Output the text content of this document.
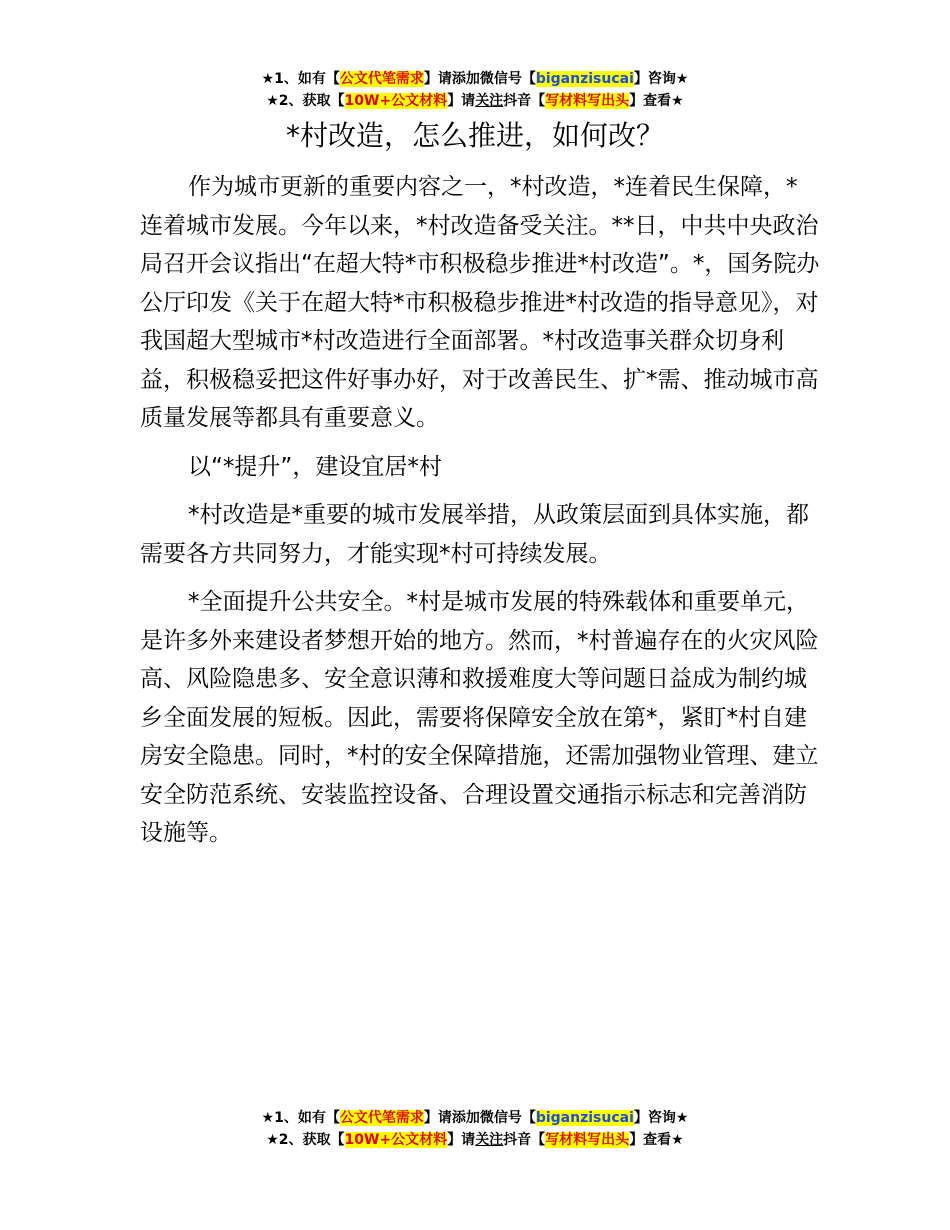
★1、如有【公文代笔需求】请添加微信号【biganzisucai】咨询★
★2、获取【10W+公文材料】请关注抖音【写材料写出头】查看★
*村改造，怎么推进，如何改？

作为城市更新的重要内容之一，*村改造，*连着民生保障，*连着城市发展。今年以来，*村改造备受关注。**日，中共中央政治局召开会议指出“在超大特*市积极稳步推进*村改造”。*，国务院办公厅印发《关于在超大特*市积极稳步推进*村改造的指导意见》，对我国超大型城市*村改造进行全面部署。*村改造事关群众切身利益，积极稳妥把这件好事办好，对于改善民生、扩*需、推动城市高质量发展等都具有重要意义。

以“*提升”，建设宜居*村

*村改造是*重要的城市发展举措，从政策层面到具体实施，都需要各方共同努力，才能实现*村可持续发展。

*全面提升公共安全。*村是城市发展的特殊载体和重要单元，是许多外来建设者梦想开始的地方。然而，*村普遍存在的火灾风险高、风险隐患多、安全意识薄和救援难度大等问题日益成为制约城乡全面发展的短板。因此，需要将保障安全放在第*，紧盯*村自建房安全隐患。同时，*村的安全保障措施，还需加强物业管理、建立安全防范系统、安装监控设备、合理设置交通指示标志和完善消防设施等。

★1、如有【公文代笔需求】请添加微信号【biganzisucai】咨询★
★2、获取【10W+公文材料】请关注抖音【写材料写出头】查看★
